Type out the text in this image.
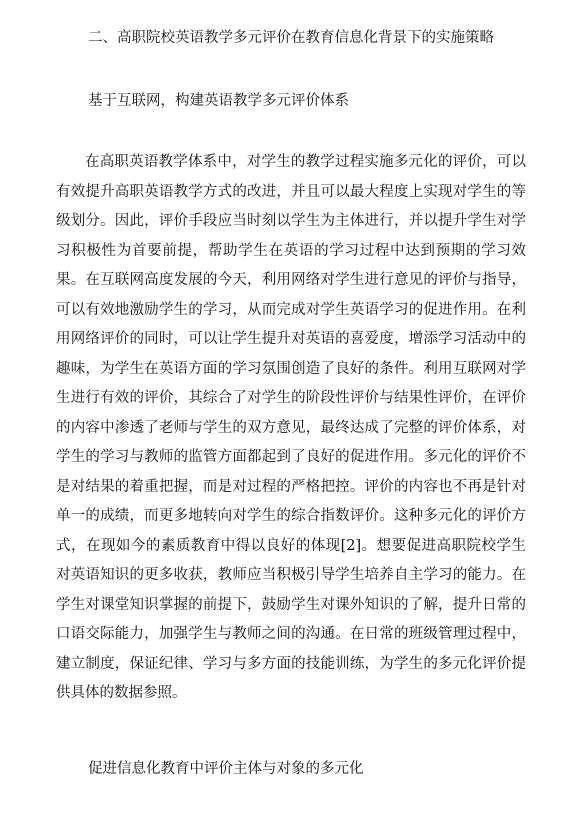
二、高职院校英语教学多元评价在教育信息化背景下的实施策略
基于互联网，构建英语教学多元评价体系

在高职英语教学体系中，对学生的教学过程实施多元化的评价，可以有效提升高职英语教学方式的改进，并且可以最大程度上实现对学生的等级划分。因此，评价手段应当时刻以学生为主体进行，并以提升学生对学习积极性为首要前提，帮助学生在英语的学习过程中达到预期的学习效果。在互联网高度发展的今天，利用网络对学生进行意见的评价与指导，可以有效地激励学生的学习，从而完成对学生英语学习的促进作用。在利用网络评价的同时，可以让学生提升对英语的喜爱度，增添学习活动中的趣味，为学生在英语方面的学习氛围创造了良好的条件。利用互联网对学生进行有效的评价，其综合了对学生的阶段性评价与结果性评价，在评价的内容中渗透了老师与学生的双方意见，最终达成了完整的评价体系，对学生的学习与教师的监管方面都起到了良好的促进作用。多元化的评价不是对结果的着重把握，而是对过程的严格把控。评价的内容也不再是针对单一的成绩，而更多地转向对学生的综合指数评价。这种多元化的评价方式，在现如今的素质教育中得以良好的体现[2]。想要促进高职院校学生对英语知识的更多收获，教师应当积极引导学生培养自主学习的能力。在学生对课堂知识掌握的前提下，鼓励学生对课外知识的了解，提升日常的口语交际能力，加强学生与教师之间的沟通。在日常的班级管理过程中，建立制度，保证纪律、学习与多方面的技能训练，为学生的多元化评价提供具体的数据参照。

促进信息化教育中评价主体与对象的多元化
